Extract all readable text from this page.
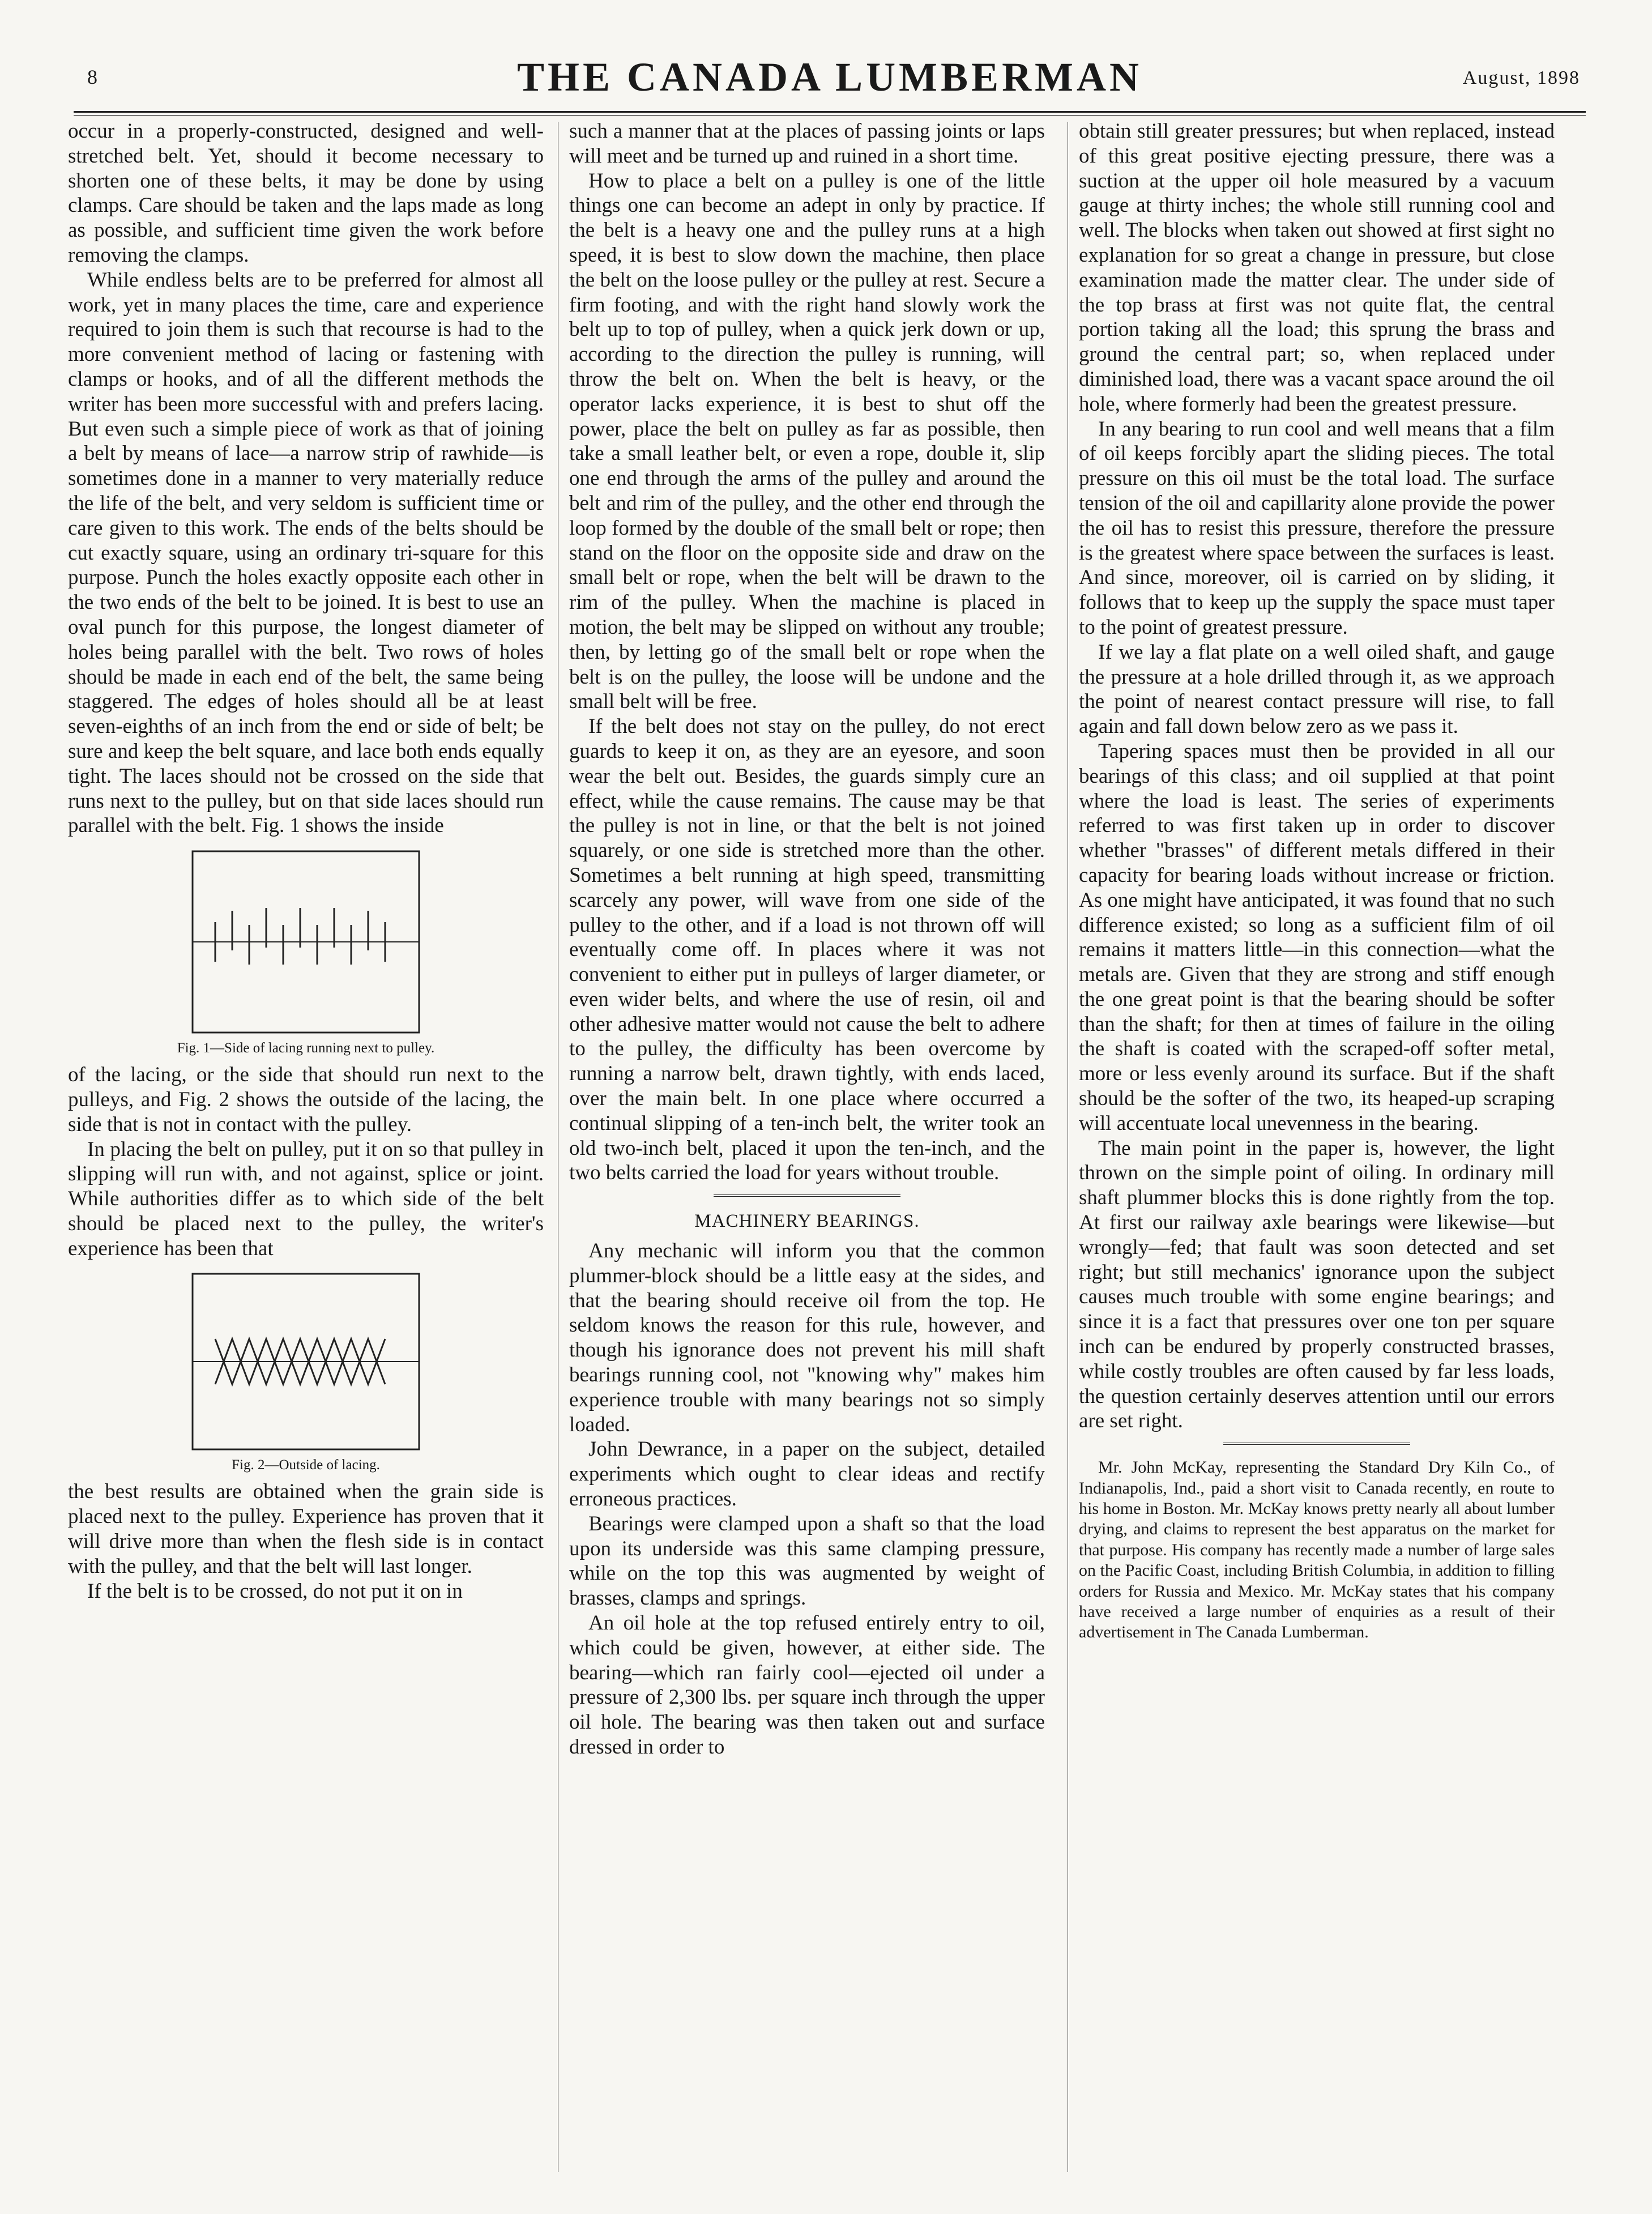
8	THE CANADA LUMBERMAN	August, 1898

occur in a properly-constructed, designed and well-stretched belt. Yet, should it become necessary to shorten one of these belts, it may be done by using clamps. Care should be taken and the laps made as long as possible, and sufficient time given the work before removing the clamps.

While endless belts are to be preferred for almost all work, yet in many places the time, care and experience required to join them is such that recourse is had to the more convenient method of lacing or fastening with clamps or hooks, and of all the different methods the writer has been more successful with and prefers lacing. But even such a simple piece of work as that of joining a belt by means of lace—a narrow strip of rawhide—is sometimes done in a manner to very materially reduce the life of the belt, and very seldom is sufficient time or care given to this work. The ends of the belts should be cut exactly square, using an ordinary tri-square for this purpose. Punch the holes exactly opposite each other in the two ends of the belt to be joined. It is best to use an oval punch for this purpose, the longest diameter of holes being parallel with the belt. Two rows of holes should be made in each end of the belt, the same being staggered. The edges of holes should all be at least seven-eighths of an inch from the end or side of belt; be sure and keep the belt square, and lace both ends equally tight. The laces should not be crossed on the side that runs next to the pulley, but on that side laces should run parallel with the belt. Fig. 1 shows the inside

Fig. 1—Side of lacing running next to pulley.

of the lacing, or the side that should run next to the pulleys, and Fig. 2 shows the outside of the lacing, the side that is not in contact with the pulley.

In placing the belt on pulley, put it on so that pulley in slipping will run with, and not against, splice or joint. While authorities differ as to which side of the belt should be placed next to the pulley, the writer's experience has been that

Fig. 2—Outside of lacing.

the best results are obtained when the grain side is placed next to the pulley. Experience has proven that it will drive more than when the flesh side is in contact with the pulley, and that the belt will last longer.

If the belt is to be crossed, do not put it on in

such a manner that at the places of passing joints or laps will meet and be turned up and ruined in a short time.

How to place a belt on a pulley is one of the little things one can become an adept in only by practice. If the belt is a heavy one and the pulley runs at a high speed, it is best to slow down the machine, then place the belt on the loose pulley or the pulley at rest. Secure a firm footing, and with the right hand slowly work the belt up to top of pulley, when a quick jerk down or up, according to the direction the pulley is running, will throw the belt on. When the belt is heavy, or the operator lacks experience, it is best to shut off the power, place the belt on pulley as far as possible, then take a small leather belt, or even a rope, double it, slip one end through the arms of the pulley and around the belt and rim of the pulley, and the other end through the loop formed by the double of the small belt or rope; then stand on the floor on the opposite side and draw on the small belt or rope, when the belt will be drawn to the rim of the pulley. When the machine is placed in motion, the belt may be slipped on without any trouble; then, by letting go of the small belt or rope when the belt is on the pulley, the loose will be undone and the small belt will be free.

If the belt does not stay on the pulley, do not erect guards to keep it on, as they are an eyesore, and soon wear the belt out. Besides, the guards simply cure an effect, while the cause remains. The cause may be that the pulley is not in line, or that the belt is not joined squarely, or one side is stretched more than the other. Sometimes a belt running at high speed, transmitting scarcely any power, will wave from one side of the pulley to the other, and if a load is not thrown off will eventually come off. In places where it was not convenient to either put in pulleys of larger diameter, or even wider belts, and where the use of resin, oil and other adhesive matter would not cause the belt to adhere to the pulley, the difficulty has been overcome by running a narrow belt, drawn tightly, with ends laced, over the main belt. In one place where occurred a continual slipping of a ten-inch belt, the writer took an old two-inch belt, placed it upon the ten-inch, and the two belts carried the load for years without trouble.

MACHINERY BEARINGS.

Any mechanic will inform you that the common plummer-block should be a little easy at the sides, and that the bearing should receive oil from the top. He seldom knows the reason for this rule, however, and though his ignorance does not prevent his mill shaft bearings running cool, not "knowing why" makes him experience trouble with many bearings not so simply loaded.

John Dewrance, in a paper on the subject, detailed experiments which ought to clear ideas and rectify erroneous practices.

Bearings were clamped upon a shaft so that the load upon its underside was this same clamping pressure, while on the top this was augmented by weight of brasses, clamps and springs.

An oil hole at the top refused entirely entry to oil, which could be given, however, at either side. The bearing—which ran fairly cool—ejected oil under a pressure of 2,300 lbs. per square inch through the upper oil hole. The bearing was then taken out and surface dressed in order to

obtain still greater pressures; but when replaced, instead of this great positive ejecting pressure, there was a suction at the upper oil hole measured by a vacuum gauge at thirty inches; the whole still running cool and well. The blocks when taken out showed at first sight no explanation for so great a change in pressure, but close examination made the matter clear. The under side of the top brass at first was not quite flat, the central portion taking all the load; this sprung the brass and ground the central part; so, when replaced under diminished load, there was a vacant space around the oil hole, where formerly had been the greatest pressure.

In any bearing to run cool and well means that a film of oil keeps forcibly apart the sliding pieces. The total pressure on this oil must be the total load. The surface tension of the oil and capillarity alone provide the power the oil has to resist this pressure, therefore the pressure is the greatest where space between the surfaces is least. And since, moreover, oil is carried on by sliding, it follows that to keep up the supply the space must taper to the point of greatest pressure.

If we lay a flat plate on a well oiled shaft, and gauge the pressure at a hole drilled through it, as we approach the point of nearest contact pressure will rise, to fall again and fall down below zero as we pass it.

Tapering spaces must then be provided in all our bearings of this class; and oil supplied at that point where the load is least. The series of experiments referred to was first taken up in order to discover whether "brasses" of different metals differed in their capacity for bearing loads without increase or friction. As one might have anticipated, it was found that no such difference existed; so long as a sufficient film of oil remains it matters little—in this connection—what the metals are. Given that they are strong and stiff enough the one great point is that the bearing should be softer than the shaft; for then at times of failure in the oiling the shaft is coated with the scraped-off softer metal, more or less evenly around its surface. But if the shaft should be the softer of the two, its heaped-up scraping will accentuate local unevenness in the bearing.

The main point in the paper is, however, the light thrown on the simple point of oiling. In ordinary mill shaft plummer blocks this is done rightly from the top. At first our railway axle bearings were likewise—but wrongly—fed; that fault was soon detected and set right; but still mechanics' ignorance upon the subject causes much trouble with some engine bearings; and since it is a fact that pressures over one ton per square inch can be endured by properly constructed brasses, while costly troubles are often caused by far less loads, the question certainly deserves attention until our errors are set right.

Mr. John McKay, representing the Standard Dry Kiln Co., of Indianapolis, Ind., paid a short visit to Canada recently, en route to his home in Boston. Mr. McKay knows pretty nearly all about lumber drying, and claims to represent the best apparatus on the market for that purpose. His company has recently made a number of large sales on the Pacific Coast, including British Columbia, in addition to filling orders for Russia and Mexico. Mr. McKay states that his company have received a large number of enquiries as a result of their advertisement in The Canada Lumberman.
